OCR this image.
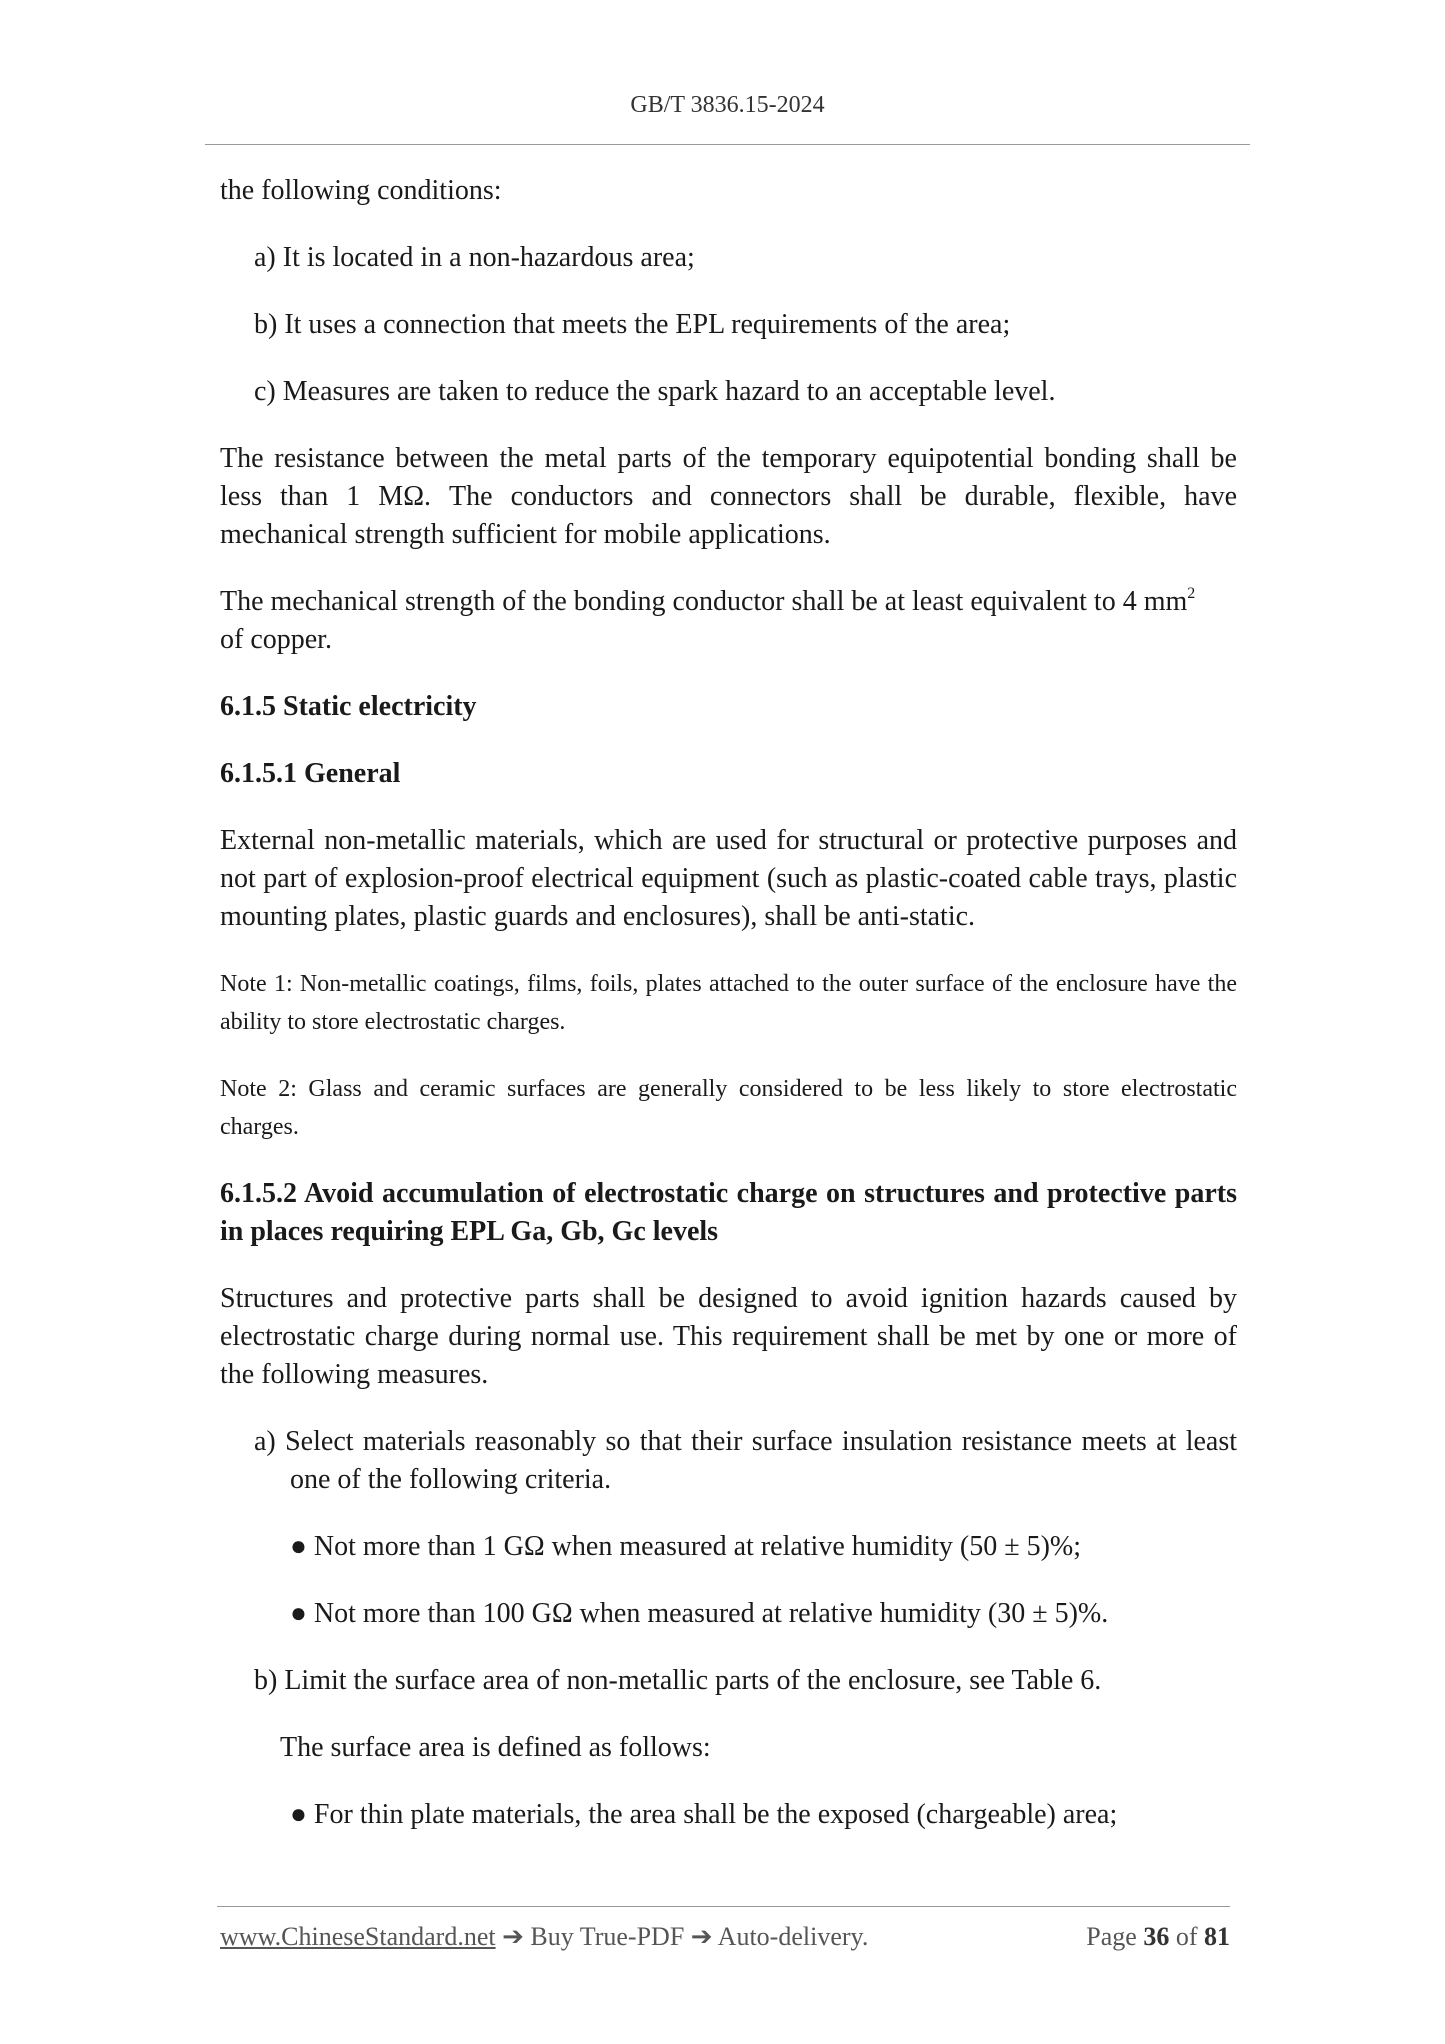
GB/T 3836.15-2024

the following conditions:

a) It is located in a non-hazardous area;

b) It uses a connection that meets the EPL requirements of the area;

c) Measures are taken to reduce the spark hazard to an acceptable level.

The resistance between the metal parts of the temporary equipotential bonding shall be less than 1 MΩ. The conductors and connectors shall be durable, flexible, have mechanical strength sufficient for mobile applications.

The mechanical strength of the bonding conductor shall be at least equivalent to 4 $mm^2$
of copper.

6.1.5 Static electricity

6.1.5.1 General

External non-metallic materials, which are used for structural or protective purposes and not part of explosion-proof electrical equipment (such as plastic-coated cable trays, plastic mounting plates, plastic guards and enclosures), shall be anti-static.

Note 1: Non-metallic coatings, films, foils, plates attached to the outer surface of the enclosure have the ability to store electrostatic charges.

Note 2: Glass and ceramic surfaces are generally considered to be less likely to store electrostatic charges.

6.1.5.2 Avoid accumulation of electrostatic charge on structures and protective parts in places requiring EPL Ga, Gb, Gc levels

Structures and protective parts shall be designed to avoid ignition hazards caused by electrostatic charge during normal use. This requirement shall be met by one or more of the following measures.

a) Select materials reasonably so that their surface insulation resistance meets at least one of the following criteria.

● Not more than 1 GΩ when measured at relative humidity (50 ± 5)%;

● Not more than 100 GΩ when measured at relative humidity (30 ± 5)%.

b) Limit the surface area of non-metallic parts of the enclosure, see Table 6.

The surface area is defined as follows:

● For thin plate materials, the area shall be the exposed (chargeable) area;

www.ChineseStandard.net ➔ Buy True-PDF ➔ Auto-delivery.	Page 36 of 81
